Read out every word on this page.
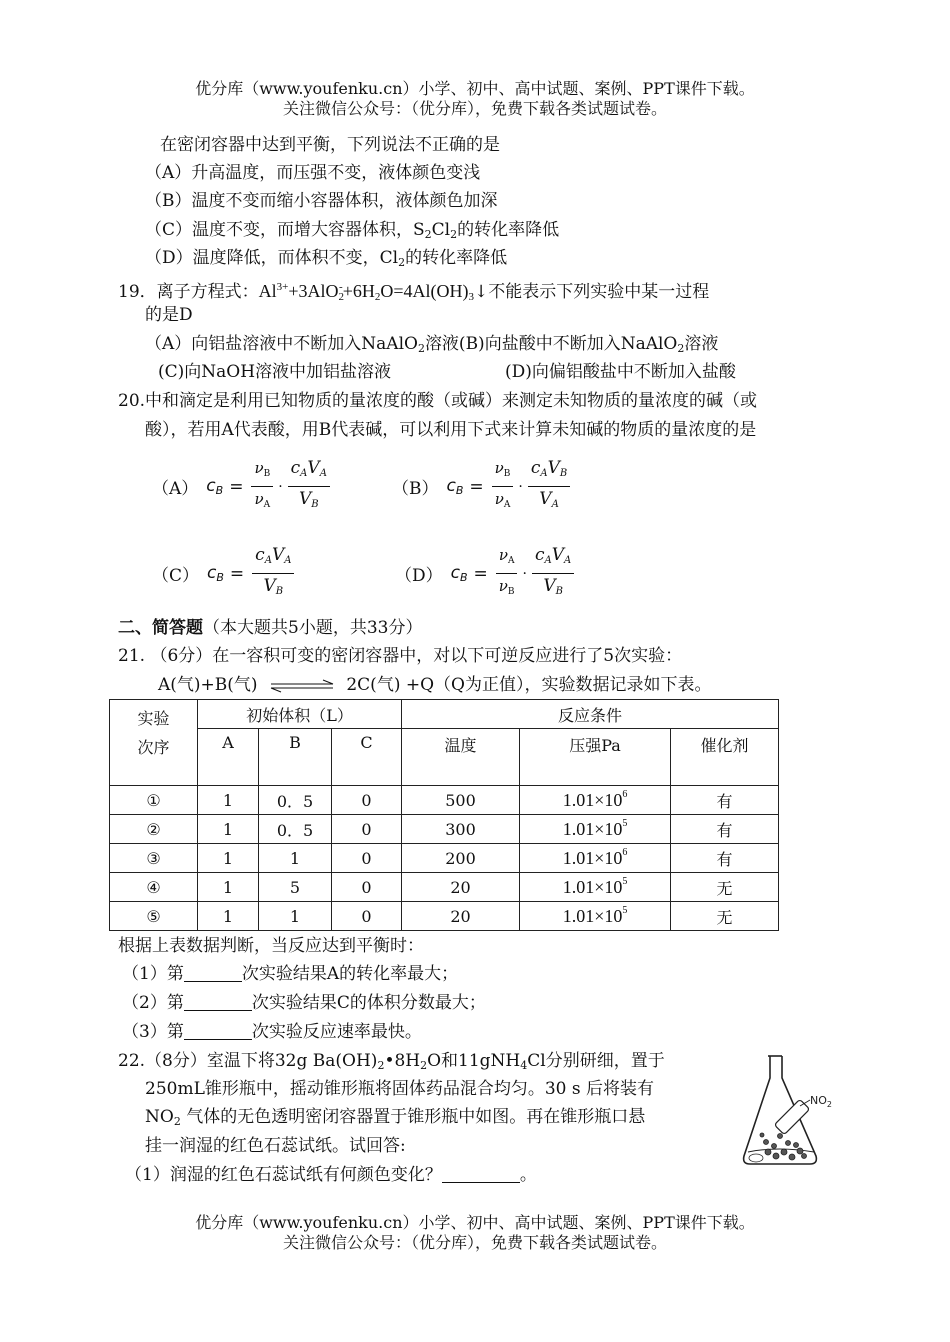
优分库（www.youfenku.cn）小学、初中、高中试题、案例、PPT课件下载。
关注微信公众号：（优分库），免费下载各类试题试卷。
在密闭容器中达到平衡，下列说法不正确的是
（A）升高温度，而压强不变，液体颜色变浅
（B）温度不变而缩小容器体积，液体颜色加深
（C）温度不变，而增大容器体积，$S_2Cl_2$的转化率降低
（D）温度降低，而体积不变，$Cl_2$的转化率降低
19．离子方程式：$Al^{3+}+3AlO_2^-+6H_2O=4Al(OH)_3↓$不能表示下列实验中某一过程
的是D
（A）向铝盐溶液中不断加入NaAlO$_2$溶液(B)向盐酸中不断加入NaAlO$_2$溶液
(C)向NaOH溶液中加铝盐溶液	(D)向偏铝酸盐中不断加入盐酸
20.中和滴定是利用已知物质的量浓度的酸（或碱）来测定未知物质的量浓度的碱（或
酸），若用A代表酸，用B代表碱，可以利用下式来计算未知碱的物质的量浓度的是
（A） $c_B = \frac{\nu_B}{\nu_A} \cdot \frac{c_AV_A}{V_B}$	（B） $c_B = \frac{\nu_B}{\nu_A} \cdot \frac{c_AV_B}{V_A}$
（C） $c_B = \frac{c_AV_A}{V_B}$	（D） $c_B = \frac{\nu_A}{\nu_B} \cdot \frac{c_AV_A}{V_B}$
二、简答题（本大题共5小题，共33分）
21. （6分）在一容积可变的密闭容器中，对以下可逆反应进行了5次实验：
A(气)+B(气) ⇌ 2C(气) +Q（Q为正值），实验数据记录如下表。
实验
次序	初始体积（L）			反应条件		
	A	B	C	温度	压强Pa	催化剂
①	1	0．5	0	500	$1.01\times 10^6$	有
②	1	0．5	0	300	$1.01\times 10^5$	有
③	1	1	0	200	$1.01\times 10^6$	有
④	1	5	0	20	$1.01\times 10^5$	无
⑤	1	1	0	20	$1.01\times 10^5$	无
根据上表数据判断，当反应达到平衡时：
（1）第	次实验结果A的转化率最大；
（2）第	次实验结果C的体积分数最大；
（3）第	次实验反应速率最快。
22.（8分）室温下将32g $Ba(OH)_2•8H_2O$和11gNH$_4$Cl分别研细，置于
250mL锥形瓶中，摇动锥形瓶将固体药品混合均匀。30 s 后将装有
$NO_2$ 气体的无色透明密闭容器置于锥形瓶中如图。再在锥形瓶口悬
挂一润湿的红色石蕊试纸。试回答:
（1）润湿的红色石蕊试纸有何颜色变化？	。
$NO_2$
优分库（www.youfenku.cn）小学、初中、高中试题、案例、PPT课件下载。
关注微信公众号：（优分库），免费下载各类试题试卷。
